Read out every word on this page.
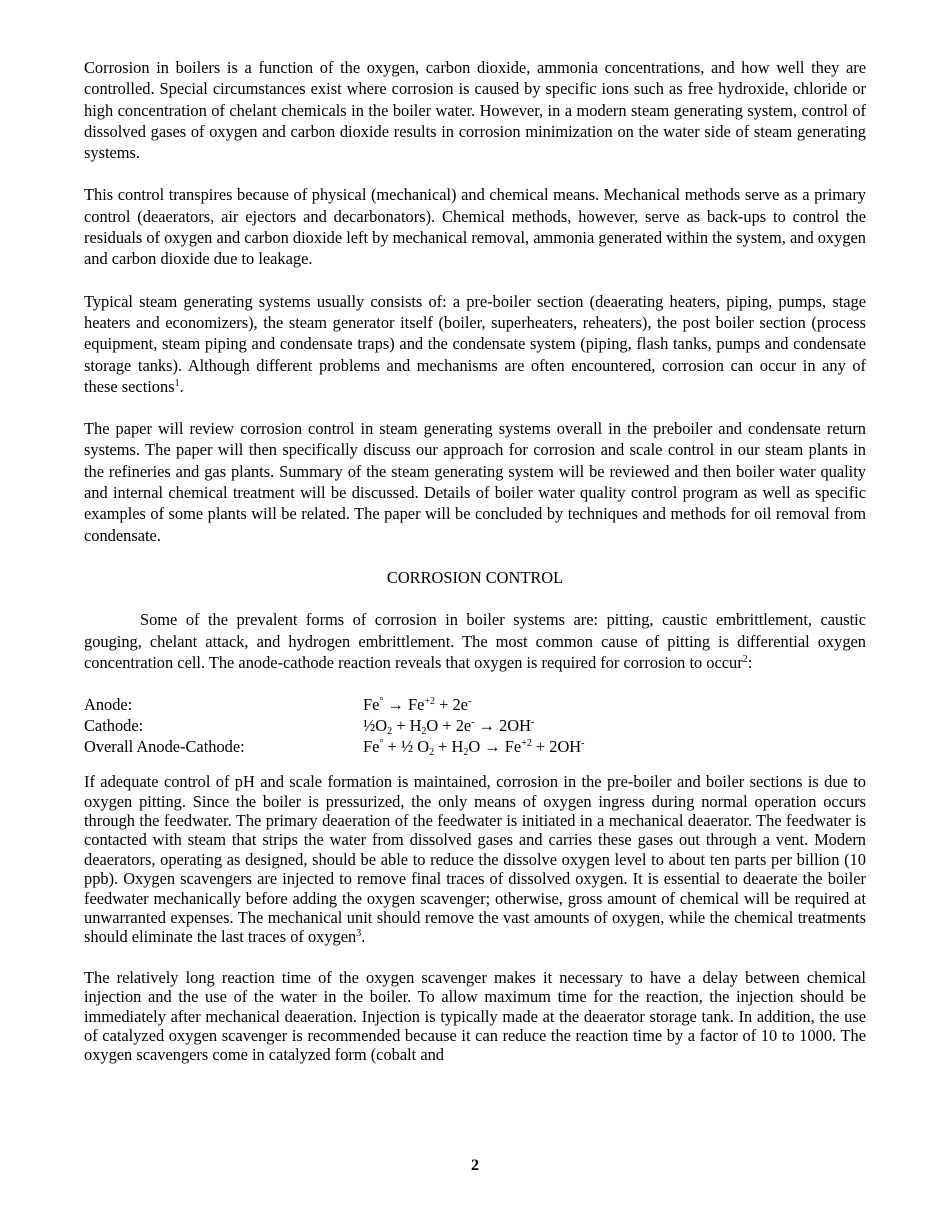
Corrosion in boilers is a function of the oxygen, carbon dioxide, ammonia concentrations, and how well they are controlled. Special circumstances exist where corrosion is caused by specific ions such as free hydroxide, chloride or high concentration of chelant chemicals in the boiler water. However, in a modern steam generating system, control of dissolved gases of oxygen and carbon dioxide results in corrosion minimization on the water side of steam generating systems.

This control transpires because of physical (mechanical) and chemical means. Mechanical methods serve as a primary control (deaerators, air ejectors and decarbonators). Chemical methods, however, serve as back-ups to control the residuals of oxygen and carbon dioxide left by mechanical removal, ammonia generated within the system, and oxygen and carbon dioxide due to leakage.

Typical steam generating systems usually consists of: a pre-boiler section (deaerating heaters, piping, pumps, stage heaters and economizers), the steam generator itself (boiler, superheaters, reheaters), the post boiler section (process equipment, steam piping and condensate traps) and the condensate system (piping, flash tanks, pumps and condensate storage tanks). Although different problems and mechanisms are often encountered, corrosion can occur in any of these sections$^1$.

The paper will review corrosion control in steam generating systems overall in the preboiler and condensate return systems. The paper will then specifically discuss our approach for corrosion and scale control in our steam plants in the refineries and gas plants. Summary of the steam generating system will be reviewed and then boiler water quality and internal chemical treatment will be discussed. Details of boiler water quality control program as well as specific examples of some plants will be related. The paper will be concluded by techniques and methods for oil removal from condensate.

CORROSION CONTROL

Some of the prevalent forms of corrosion in boiler systems are: pitting, caustic embrittlement, caustic gouging, chelant attack, and hydrogen embrittlement. The most common cause of pitting is differential oxygen concentration cell. The anode-cathode reaction reveals that oxygen is required for corrosion to occur$^2$:

Anode:	$Fe^\circ \to Fe^{+2} + 2e^-$
Cathode:	$\frac{1}{2}O_2 + H_2O + 2e^- \to 2OH^-$
Overall Anode-Cathode:	Fe° + ½ $O_2 + H_2O \to Fe^{+2} + 2OH^-$

If adequate control of pH and scale formation is maintained, corrosion in the pre-boiler and boiler sections is due to oxygen pitting. Since the boiler is pressurized, the only means of oxygen ingress during normal operation occurs through the feedwater. The primary deaeration of the feedwater is initiated in a mechanical deaerator. The feedwater is contacted with steam that strips the water from dissolved gases and carries these gases out through a vent. Modern deaerators, operating as designed, should be able to reduce the dissolve oxygen level to about ten parts per billion (10 ppb). Oxygen scavengers are injected to remove final traces of dissolved oxygen. It is essential to deaerate the boiler feedwater mechanically before adding the oxygen scavenger; otherwise, gross amount of chemical will be required at unwarranted expenses. The mechanical unit should remove the vast amounts of oxygen, while the chemical treatments should eliminate the last traces of oxygen$^3$.

The relatively long reaction time of the oxygen scavenger makes it necessary to have a delay between chemical injection and the use of the water in the boiler. To allow maximum time for the reaction, the injection should be immediately after mechanical deaeration. Injection is typically made at the deaerator storage tank. In addition, the use of catalyzed oxygen scavenger is recommended because it can reduce the reaction time by a factor of 10 to 1000. The oxygen scavengers come in catalyzed form (cobalt and

2
